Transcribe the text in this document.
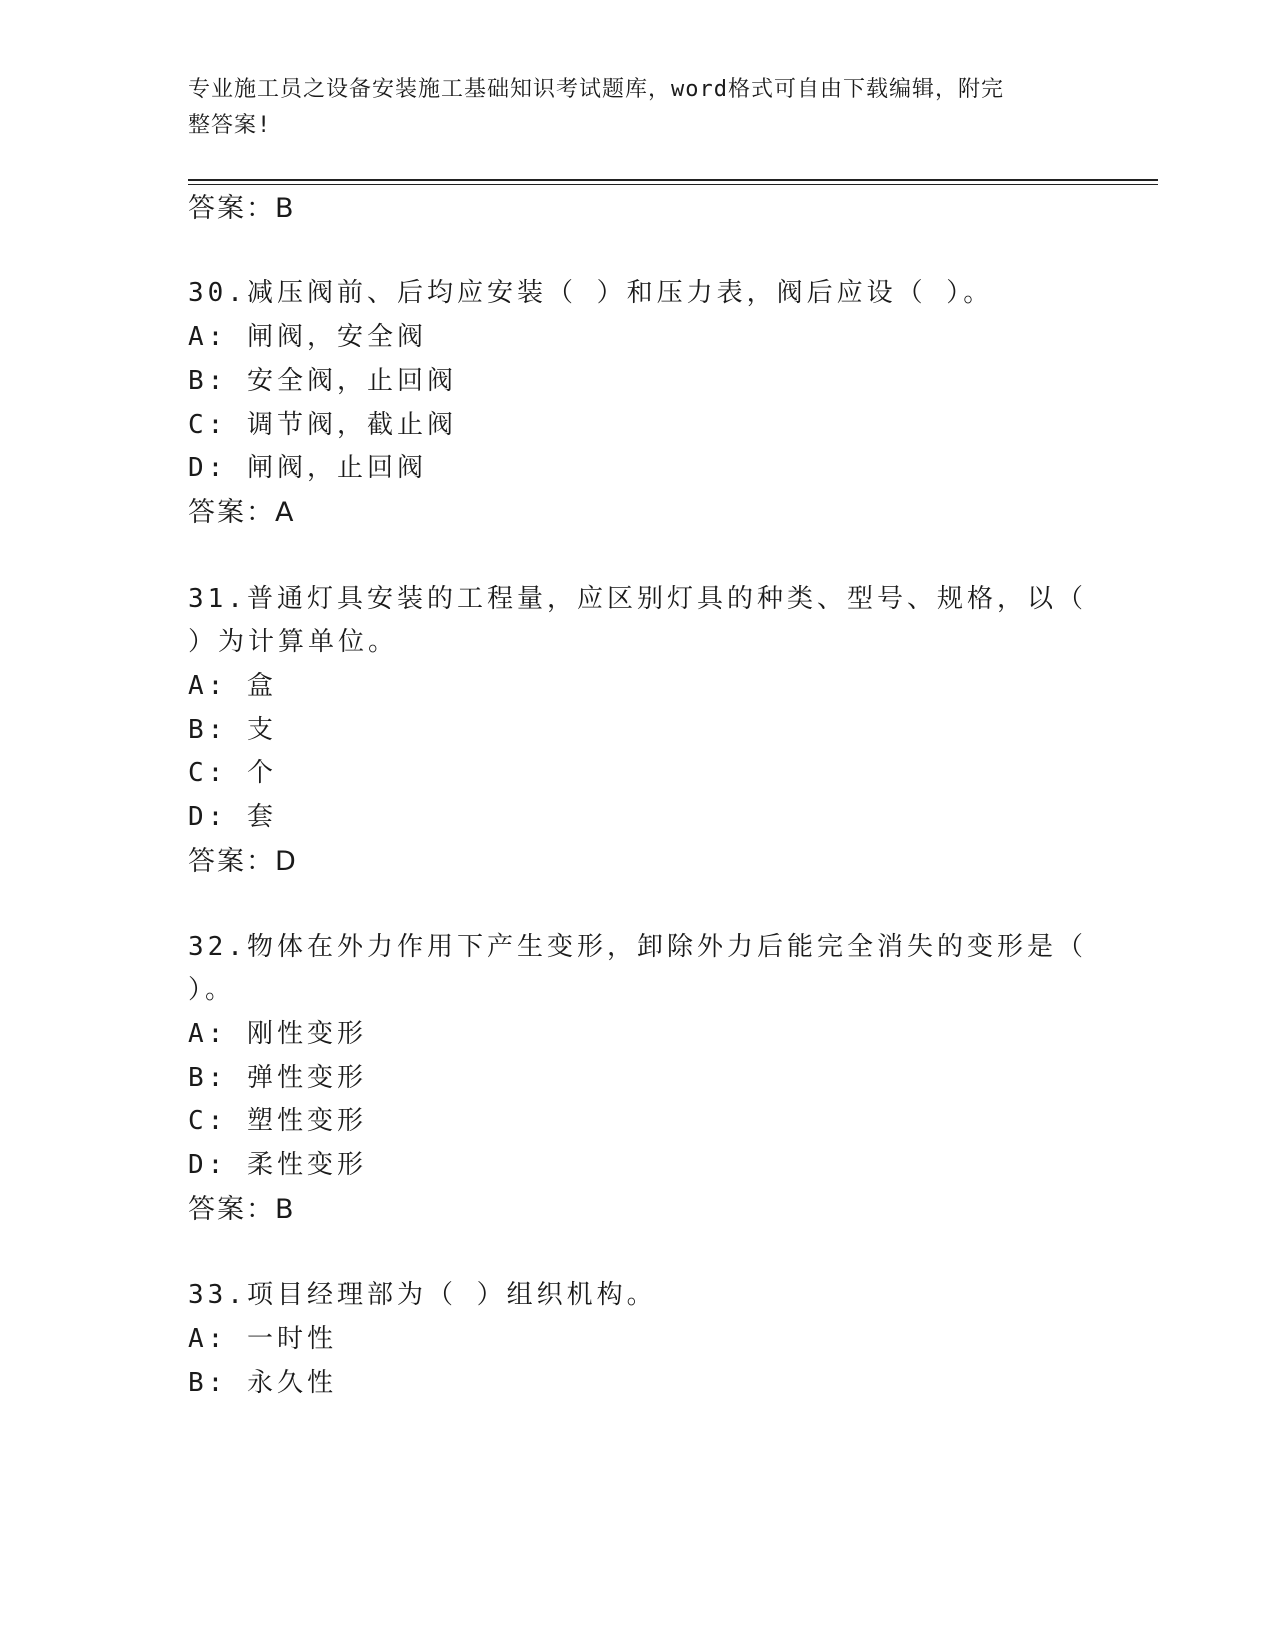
专业施工员之设备安装施工基础知识考试题库，word格式可自由下载编辑，附完
整答案!
答案：B
30.减压阀前、后均应安装（ ）和压力表，阀后应设（ ）。
A: 闸阀，安全阀
B: 安全阀，止回阀
C: 调节阀，截止阀
D: 闸阀，止回阀
答案：A
31.普通灯具安装的工程量，应区别灯具的种类、型号、规格，以（
）为计算单位。
A: 盒
B: 支
C: 个
D: 套
答案：D
32.物体在外力作用下产生变形，卸除外力后能完全消失的变形是（
）。
A: 刚性变形
B: 弹性变形
C: 塑性变形
D: 柔性变形
答案：B
33.项目经理部为（ ）组织机构。
A: 一时性
B: 永久性
